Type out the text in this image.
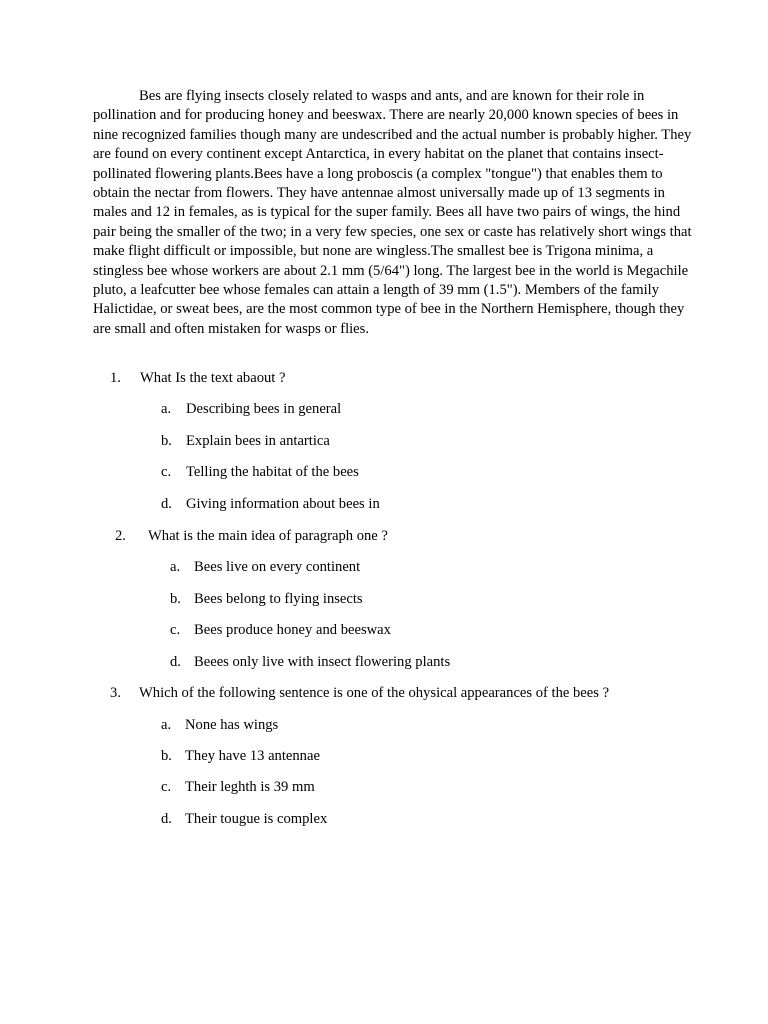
Bes are flying insects closely related to wasps and ants, and are known for their role in pollination and for producing honey and beeswax. There are nearly 20,000 known species of bees in nine recognized families though many are undescribed and the actual number is probably higher. They are found on every continent except Antarctica, in every habitat on the planet that contains insect-pollinated flowering plants.Bees have a long proboscis (a complex "tongue") that enables them to obtain the nectar from flowers. They have antennae almost universally made up of 13 segments in males and 12 in females, as is typical for the super family. Bees all have two pairs of wings, the hind pair being the smaller of the two; in a very few species, one sex or caste has relatively short wings that make flight difficult or impossible, but none are wingless.The smallest bee is Trigona minima, a stingless bee whose workers are about 2.1 mm (5/64") long. The largest bee in the world is Megachile pluto, a leafcutter bee whose females can attain a length of 39 mm (1.5"). Members of the family Halictidae, or sweat bees, are the most common type of bee in the Northern Hemisphere, though they are small and often mistaken for wasps or flies.

1. What Is the text abaout ?
a. Describing bees in general
b. Explain bees in antartica
c. Telling the habitat of the bees
d. Giving information about bees in
2. What is the main idea of paragraph one ?
a. Bees live on every continent
b. Bees belong to flying insects
c. Bees produce honey and beeswax
d. Beees only live with insect flowering plants
3. Which of the following sentence is one of the ohysical appearances of the bees ?
a. None has wings
b. They have 13 antennae
c. Their leghth is 39 mm
d. Their tougue is complex
